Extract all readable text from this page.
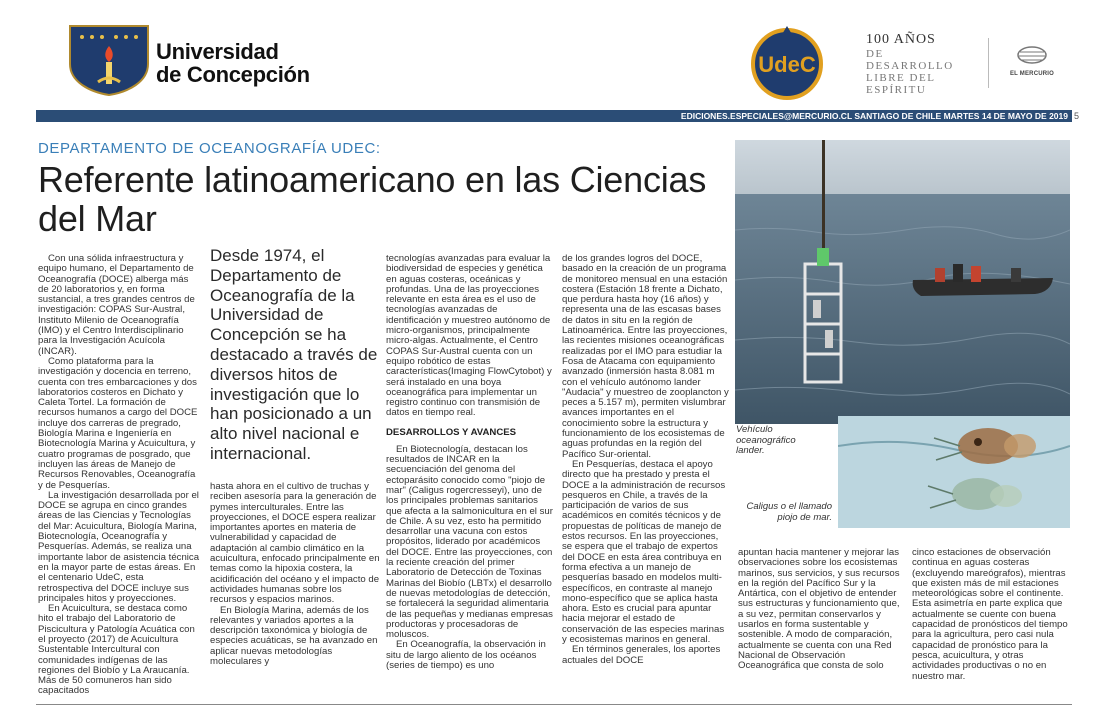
Universidad
de Concepción	UdeC
100 AÑOS
DE
DESARROLLO
LIBRE DEL
ESPÍRITU
EL MERCURIO
EDICIONES.ESPECIALES@MERCURIO.CL SANTIAGO DE CHILE MARTES 14 DE MAYO DE 2019 5
DEPARTAMENTO DE OCEANOGRAFÍA UDEC:
Referente latinoamericano en las Ciencias del Mar

Con una sólida infraestructura y equipo humano, el Departamento de Oceanografía (DOCE) alberga más de 20 laboratorios y, en forma sustancial, a tres grandes centros de investigación: COPAS Sur-Austral, Instituto Milenio de Oceanografía (IMO) y el Centro Interdisciplinario para la Investigación Acuícola (INCAR).

Como plataforma para la investigación y docencia en terreno, cuenta con tres embarcaciones y dos laboratorios costeros en Dichato y Caleta Tortel. La formación de recursos humanos a cargo del DOCE incluye dos carreras de pregrado, Biología Marina e Ingeniería en Biotecnología Marina y Acuicultura, y cuatro programas de posgrado, que incluyen las áreas de Manejo de Recursos Renovables, Oceanografía y de Pesquerías.

La investigación desarrollada por el DOCE se agrupa en cinco grandes áreas de las Ciencias y Tecnologías del Mar: Acuicultura, Biología Marina, Biotecnología, Oceanografía y Pesquerías. Además, se realiza una importante labor de asistencia técnica en la mayor parte de estas áreas. En el centenario UdeC, esta retrospectiva del DOCE incluye sus principales hitos y proyecciones.

En Acuicultura, se destaca como hito el trabajo del Laboratorio de Piscicultura y Patología Acuática con el proyecto (2017) de Acuicultura Sustentable Intercultural con comunidades indígenas de las regiones del Biobío y La Araucanía. Más de 50 comuneros han sido capacitados

Desde 1974, el Departamento de Oceanografía de la Universidad de Concepción se ha destacado a través de diversos hitos de investigación que lo han posicionado a un alto nivel nacional e internacional.

hasta ahora en el cultivo de truchas y reciben asesoría para la generación de pymes interculturales. Entre las proyecciones, el DOCE espera realizar importantes aportes en materia de vulnerabilidad y capacidad de adaptación al cambio climático en la acuicultura, enfocado principalmente en temas como la hipoxia costera, la acidificación del océano y el impacto de actividades humanas sobre los recursos y espacios marinos.

En Biología Marina, además de los relevantes y variados aportes a la descripción taxonómica y biología de especies acuáticas, se ha avanzado en aplicar nuevas metodologías moleculares y

tecnologías avanzadas para evaluar la biodiversidad de especies y genética en aguas costeras, oceánicas y profundas. Una de las proyecciones relevante en esta área es el uso de tecnologías avanzadas de identificación y muestreo autónomo de micro-organismos, principalmente micro-algas. Actualmente, el Centro COPAS Sur-Austral cuenta con un equipo robótico de estas características(Imaging FlowCytobot) y será instalado en una boya oceanográfica para implementar un registro continuo con transmisión de datos en tiempo real.

DESARROLLOS Y AVANCES

En Biotecnología, destacan los resultados de INCAR en la secuenciación del genoma del ectoparásito conocido como "piojo de mar" (Caligus rogercresseyi), uno de los principales problemas sanitarios que afecta a la salmonicultura en el sur de Chile. A su vez, esto ha permitido desarrollar una vacuna con estos propósitos, liderado por académicos del DOCE. Entre las proyecciones, con la reciente creación del primer Laboratorio de Detección de Toxinas Marinas del Biobío (LBTx) el desarrollo de nuevas metodologías de detección, se fortalecerá la seguridad alimentaria de las pequeñas y medianas empresas productoras y procesadoras de moluscos.

En Oceanografía, la observación in situ de largo aliento de los océanos (series de tiempo) es uno

de los grandes logros del DOCE, basado en la creación de un programa de monitoreo mensual en una estación costera (Estación 18 frente a Dichato, que perdura hasta hoy (16 años) y representa una de las escasas bases de datos in situ en la región de Latinoamérica. Entre las proyecciones, las recientes misiones oceanográficas realizadas por el IMO para estudiar la Fosa de Atacama con equipamiento avanzado (inmersión hasta 8.081 m con el vehículo autónomo lander "Audacia" y muestreo de zooplancton y peces a 5.157 m), permiten vislumbrar avances importantes en el conocimiento sobre la estructura y funcionamiento de los ecosistemas de aguas profundas en la región del Pacífico Sur-oriental.

En Pesquerías, destaca el apoyo directo que ha prestado y presta el DOCE a la administración de recursos pesqueros en Chile, a través de la participación de varios de sus académicos en comités técnicos y de propuestas de políticas de manejo de estos recursos. En las proyecciones, se espera que el trabajo de expertos del DOCE en esta área contribuya en forma efectiva a un manejo de pesquerías basado en modelos multi-específicos, en contraste al manejo mono-específico que se aplica hasta ahora. Esto es crucial para apuntar hacia mejorar el estado de conservación de las especies marinas y ecosistemas marinos en general.

En términos generales, los aportes actuales del DOCE

Vehículo oceanográfico lander.
Caligus o el llamado piojo de mar.

apuntan hacia mantener y mejorar las observaciones sobre los ecosistemas marinos, sus servicios, y sus recursos en la región del Pacífico Sur y la Antártica, con el objetivo de entender sus estructuras y funcionamiento que, a su vez, permitan conservarlos y usarlos en forma sustentable y sostenible. A modo de comparación, actualmente se cuenta con una Red Nacional de Observación Oceanográfica que consta de solo

cinco estaciones de observación continua en aguas costeras (excluyendo mareógrafos), mientras que existen más de mil estaciones meteorológicas sobre el continente. Esta asimetría en parte explica que actualmente se cuente con buena capacidad de pronósticos del tiempo para la agricultura, pero casi nula capacidad de pronóstico para la pesca, acuicultura, y otras actividades productivas o no en nuestro mar.
